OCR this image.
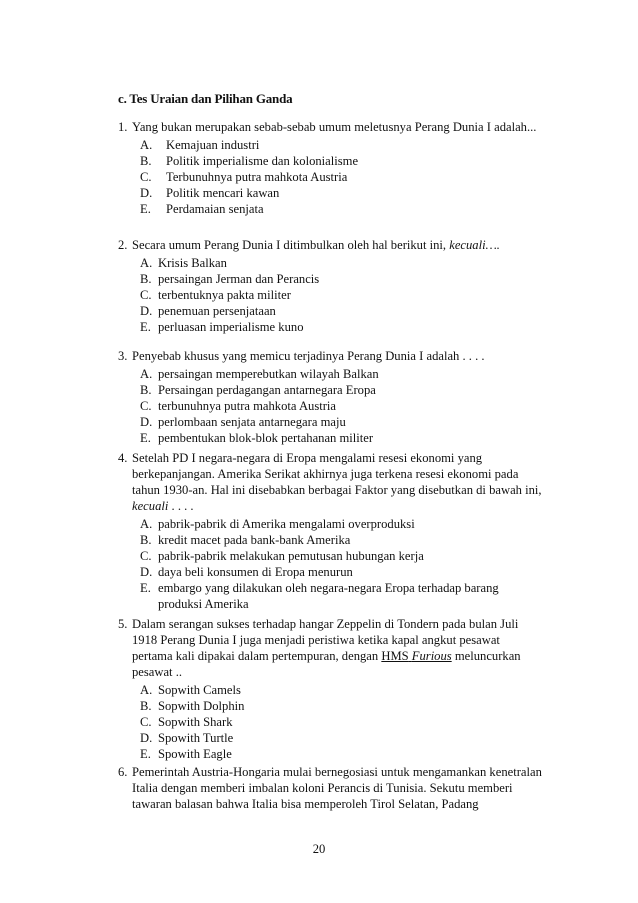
c. Tes Uraian dan Pilihan Ganda
1. Yang bukan merupakan sebab-sebab umum meletusnya Perang Dunia I adalah...
A.	Kemajuan industri
B.	Politik imperialisme dan kolonialisme
C.	Terbunuhnya putra mahkota Austria
D.	Politik mencari kawan
E.	Perdamaian senjata
2. Secara umum Perang Dunia I ditimbulkan oleh hal berikut ini, kecuali….
A. Krisis Balkan
B. persaingan Jerman dan Perancis
C. terbentuknya pakta militer
D. penemuan persenjataan
E. perluasan imperialisme kuno
3. Penyebab khusus yang memicu terjadinya Perang Dunia I adalah . . . .
A. persaingan memperebutkan wilayah Balkan
B. Persaingan perdagangan antarnegara Eropa
C. terbunuhnya putra mahkota Austria
D. perlombaan senjata antarnegara maju
E. pembentukan blok-blok pertahanan militer
4. Setelah PD I negara-negara di Eropa mengalami resesi ekonomi yang berkepanjangan. Amerika Serikat akhirnya juga terkena resesi ekonomi pada tahun 1930-an. Hal ini disebabkan berbagai Faktor yang disebutkan di bawah ini, kecuali . . . .
A. pabrik-pabrik di Amerika mengalami overproduksi
B. kredit macet pada bank-bank Amerika
C. pabrik-pabrik melakukan pemutusan hubungan kerja
D. daya beli konsumen di Eropa menurun
E. embargo yang dilakukan oleh negara-negara Eropa terhadap barang produksi Amerika
5. Dalam serangan sukses terhadap hangar Zeppelin di Tondern pada bulan Juli 1918 Perang Dunia I juga menjadi peristiwa ketika kapal angkut pesawat pertama kali dipakai dalam pertempuran, dengan HMS Furious meluncurkan pesawat ..
A. Sopwith Camels
B. Sopwith Dolphin
C. Sopwith Shark
D. Spowith Turtle
E. Spowith Eagle
6. Pemerintah Austria-Hongaria mulai bernegosiasi untuk mengamankan kenetralan Italia dengan memberi imbalan koloni Perancis di Tunisia. Sekutu memberi tawaran balasan bahwa Italia bisa memperoleh Tirol Selatan, Padang
20
